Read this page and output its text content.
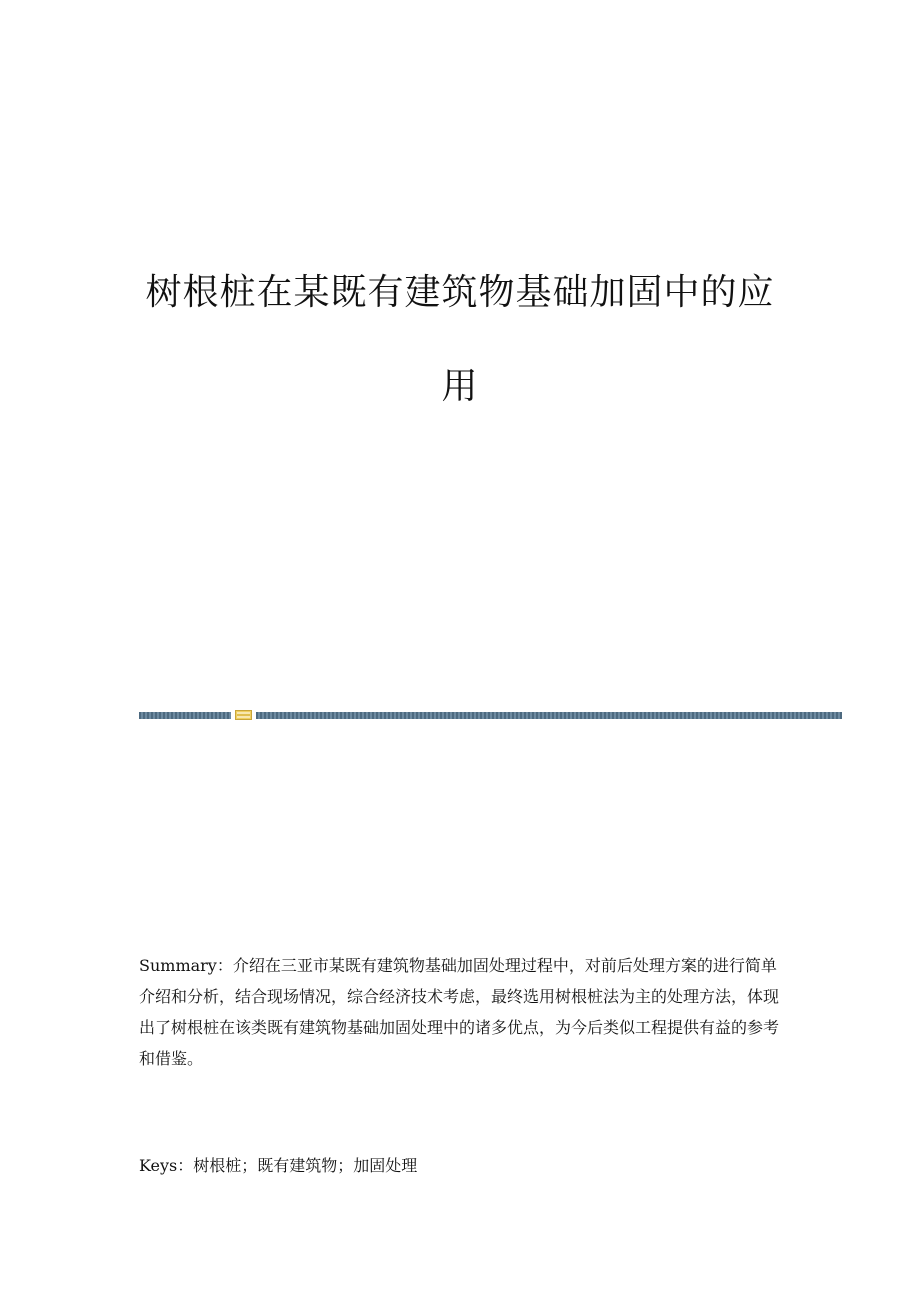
树根桩在某既有建筑物基础加固中的应
用

Summary：介绍在三亚市某既有建筑物基础加固处理过程中，对前后处理方案的进行简单介绍和分析，结合现场情况，综合经济技术考虑，最终选用树根桩法为主的处理方法，体现出了树根桩在该类既有建筑物基础加固处理中的诸多优点，为今后类似工程提供有益的参考和借鉴。

Keys：树根桩；既有建筑物；加固处理
